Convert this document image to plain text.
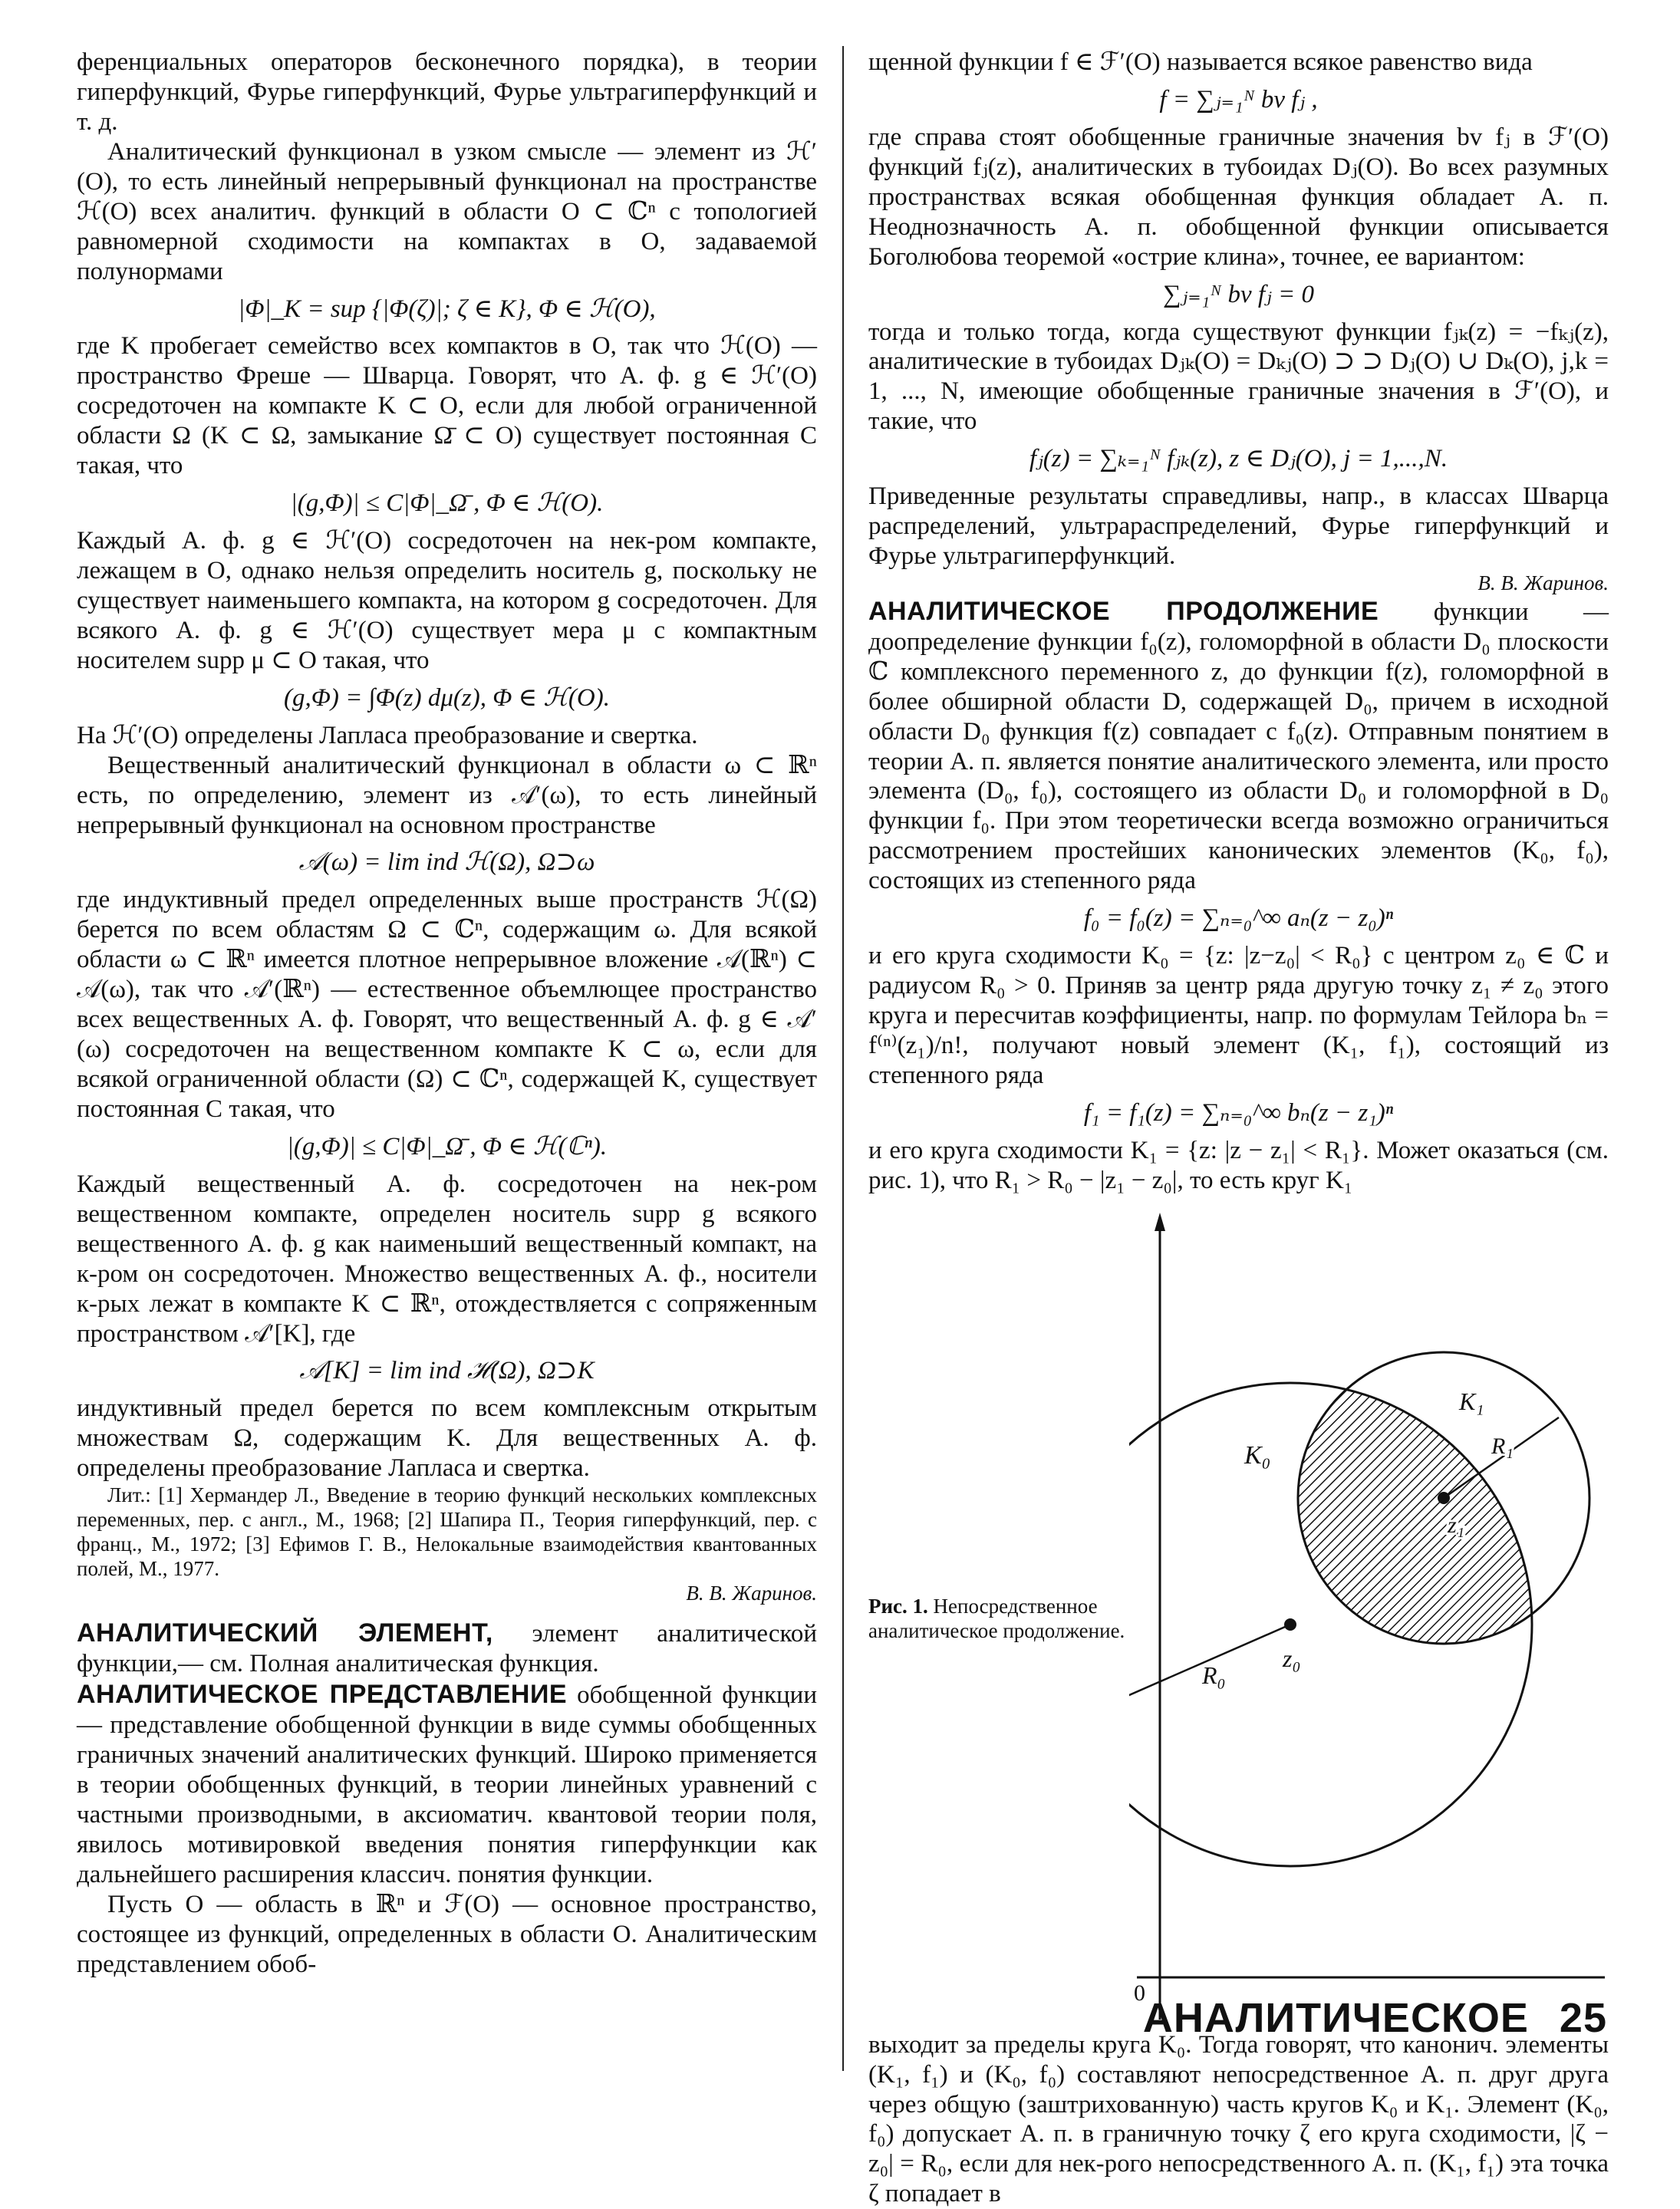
ференциальных операторов бесконечного порядка), в теории гиперфункций, Фурье гиперфункций, Фурье ультрагиперфункций и т. д.

Аналитический функционал в узком смысле — элемент из ℋ′(O), то есть линейный непрерывный функционал на пространстве ℋ(O) всех аналитич. функций в области O ⊂ ℂⁿ с топологией равномерной сходимости на компактах в O, задаваемой полунормами

|Φ|_K = sup {|Φ(ζ)|; ζ ∈ K}, Φ ∈ ℋ(O),

где K пробегает семейство всех компактов в O, так что ℋ(O) — пространство Фреше — Шварца. Говорят, что А. ф. g ∈ ℋ′(O) сосредоточен на компакте K ⊂ O, если для любой ограниченной области Ω (K ⊂ Ω, замыкание Ω̄ ⊂ O) существует постоянная C такая, что

|(g,Φ)| ≤ C|Φ|_Ω̄ , Φ ∈ ℋ(O).

Каждый А. ф. g ∈ ℋ′(O) сосредоточен на нек-ром компакте, лежащем в O, однако нельзя определить носитель g, поскольку не существует наименьшего компакта, на котором g сосредоточен. Для всякого А. ф. g ∈ ℋ′(O) существует мера μ с компактным носителем supp μ ⊂ O такая, что

(g,Φ) = ∫Φ(z) dμ(z), Φ ∈ ℋ(O).

На ℋ′(O) определены Лапласа преобразование и свертка.

Вещественный аналитический функционал в области ω ⊂ ℝⁿ есть, по определению, элемент из 𝒜′(ω), то есть линейный непрерывный функционал на основном пространстве

𝒜(ω) = lim ind ℋ(Ω), Ω⊃ω

где индуктивный предел определенных выше пространств ℋ(Ω) берется по всем областям Ω ⊂ ℂⁿ, содержащим ω. Для всякой области ω ⊂ ℝⁿ имеется плотное непрерывное вложение 𝒜(ℝⁿ) ⊂ 𝒜(ω), так что 𝒜′(ℝⁿ) — естественное объемлющее пространство всех вещественных А. ф. Говорят, что вещественный А. ф. g ∈ 𝒜′(ω) сосредоточен на вещественном компакте K ⊂ ω, если для всякой ограниченной области (Ω) ⊂ ℂⁿ, содержащей K, существует постоянная C такая, что

|(g,Φ)| ≤ C|Φ|_Ω̄ , Φ ∈ ℋ(ℂⁿ).

Каждый вещественный А. ф. сосредоточен на нек-ром вещественном компакте, определен носитель supp g всякого вещественного А. ф. g как наименьший вещественный компакт, на к-ром он сосредоточен. Множество вещественных А. ф., носители к-рых лежат в компакте K ⊂ ℝⁿ, отождествляется с сопряженным пространством 𝒜′[K], где

𝒜[K] = lim ind ℋ(Ω), Ω⊃K

индуктивный предел берется по всем комплексным открытым множествам Ω, содержащим K. Для вещественных А. ф. определены преобразование Лапласа и свертка.

Лит.: [1] Хермандер Л., Введение в теорию функций нескольких комплексных переменных, пер. с англ., М., 1968; [2] Шапира П., Теория гиперфункций, пер. с франц., М., 1972; [3] Ефимов Г. В., Нелокальные взаимодействия квантованных полей, М., 1977.

В. В. Жаринов.

АНАЛИТИЧЕСКИЙ ЭЛЕМЕНТ, элемент аналитической функции,— см. Полная аналитическая функция.

АНАЛИТИЧЕСКОЕ ПРЕДСТАВЛЕНИЕ обобщенной функции — представление обобщенной функции в виде суммы обобщенных граничных значений аналитических функций. Широко применяется в теории обобщенных функций, в теории линейных уравнений с частными производными, в аксиоматич. квантовой теории поля, явилось мотивировкой введения понятия гиперфункции как дальнейшего расширения классич. понятия функции.

Пусть O — область в ℝⁿ и ℱ(O) — основное пространство, состоящее из функций, определенных в области O. Аналитическим представлением обоб-

щенной функции f ∈ ℱ′(O) называется всякое равенство вида

f = ∑ⱼ₌₁ᴺ bv fⱼ ,

где справа стоят обобщенные граничные значения bv fⱼ в ℱ′(O) функций fⱼ(z), аналитических в тубоидах Dⱼ(O). Во всех разумных пространствах всякая обобщенная функция обладает А. п. Неоднозначность А. п. обобщенной функции описывается Боголюбова теоремой «острие клина», точнее, ее вариантом:

∑ⱼ₌₁ᴺ bv fⱼ = 0

тогда и только тогда, когда существуют функции fⱼₖ(z) = −fₖⱼ(z), аналитические в тубоидах Dⱼₖ(O) = Dₖⱼ(O) ⊃ ⊃ Dⱼ(O) ∪ Dₖ(O), j,k = 1, ..., N, имеющие обобщенные граничные значения в ℱ′(O), и такие, что

fⱼ(z) = ∑ₖ₌₁ᴺ fⱼₖ(z), z ∈ Dⱼ(O), j = 1,...,N.

Приведенные результаты справедливы, напр., в классах Шварца распределений, ультрараспределений, Фурье гиперфункций и Фурье ультрагиперфункций.

В. В. Жаринов.

АНАЛИТИЧЕСКОЕ ПРОДОЛЖЕНИЕ функции — доопределение функции f₀(z), голоморфной в области D₀ плоскости ℂ комплексного переменного z, до функции f(z), голоморфной в более обширной области D, содержащей D₀, причем в исходной области D₀ функция f(z) совпадает с f₀(z). Отправным понятием в теории А. п. является понятие аналитического элемента, или просто элемента (D₀, f₀), состоящего из области D₀ и голоморфной в D₀ функции f₀. При этом теоретически всегда возможно ограничиться рассмотрением простейших канонических элементов (K₀, f₀), состоящих из степенного ряда

f₀ = f₀(z) = ∑ₙ₌₀^∞ aₙ(z − z₀)ⁿ

и его круга сходимости K₀ = {z: |z−z₀| < R₀} с центром z₀ ∈ ℂ и радиусом R₀ > 0. Приняв за центр ряда другую точку z₁ ≠ z₀ этого круга и пересчитав коэффициенты, напр. по формулам Тейлора bₙ = f⁽ⁿ⁾(z₁)/n!, получают новый элемент (K₁, f₁), состоящий из степенного ряда

f₁ = f₁(z) = ∑ₙ₌₀^∞ bₙ(z − z₁)ⁿ

и его круга сходимости K₁ = {z: |z − z₁| < R₁}. Может оказаться (см. рис. 1), что R₁ > R₀ − |z₁ − z₀|, то есть круг K₁

K₀
K₁
R₀
R₁
z₀
z₁
0
Рис. 1. Непосредственное аналитическое продолжение.

выходит за пределы круга K₀. Тогда говорят, что канонич. элементы (K₁, f₁) и (K₀, f₀) составляют непосредственное А. п. друг друга через общую (заштрихованную) часть кругов K₀ и K₁. Элемент (K₀, f₀) допускает А. п. в граничную точку ζ его круга сходимости, |ζ − z₀| = R₀, если для нек-рого непосредственного А. п. (K₁, f₁) эта точка ζ попадает в

АНАЛИТИЧЕСКОЕ 25
